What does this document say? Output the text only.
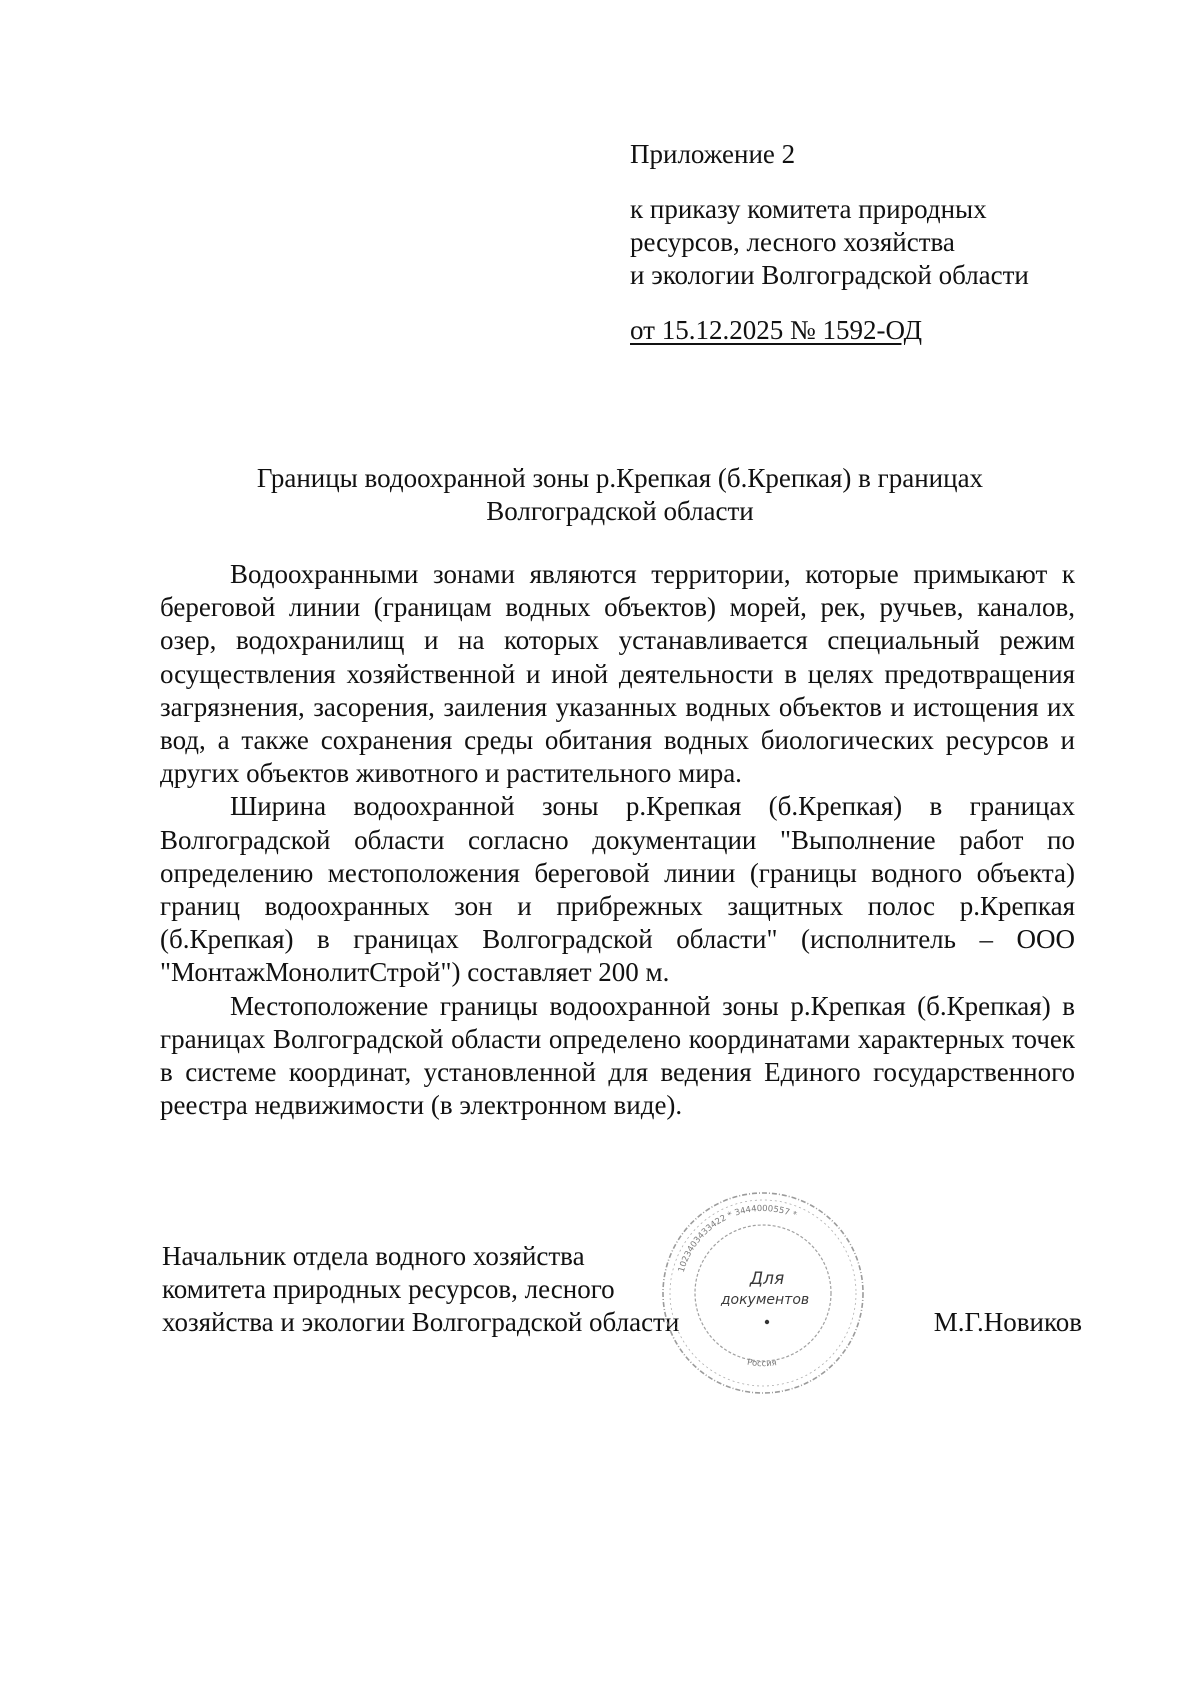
Приложение 2
к приказу комитета природных
ресурсов, лесного хозяйства
и экологии Волгоградской области
от 15.12.2025 № 1592-ОД
Границы водоохранной зоны р.Крепкая (б.Крепкая) в границах
Волгоградской области

Водоохранными зонами являются территории, которые примыкают к береговой линии (границам водных объектов) морей, рек, ручьев, каналов, озер, водохранилищ и на которых устанавливается специальный режим осуществления хозяйственной и иной деятельности в целях предотвращения загрязнения, засорения, заиления указанных водных объектов и истощения их вод, а также сохранения среды обитания водных биологических ресурсов и других объектов животного и растительного мира.

Ширина водоохранной зоны р.Крепкая (б.Крепкая) в границах Волгоградской области согласно документации "Выполнение работ по определению местоположения береговой линии (границы водного объекта) границ водоохранных зон и прибрежных защитных полос р.Крепкая (б.Крепкая) в границах Волгоградской области" (исполнитель – ООО "МонтажМонолитСтрой") составляет 200 м.

Местоположение границы водоохранной зоны р.Крепкая (б.Крепкая) в границах Волгоградской области определено координатами характерных точек в системе координат, установленной для ведения Единого государственного реестра недвижимости (в электронном виде).

Начальник отдела водного хозяйства
комитета природных ресурсов, лесного
хозяйства и экологии Волгоградской области	М.Г.Новиков
1023403433422 * 3444000557 *
Россия
Для
документов
